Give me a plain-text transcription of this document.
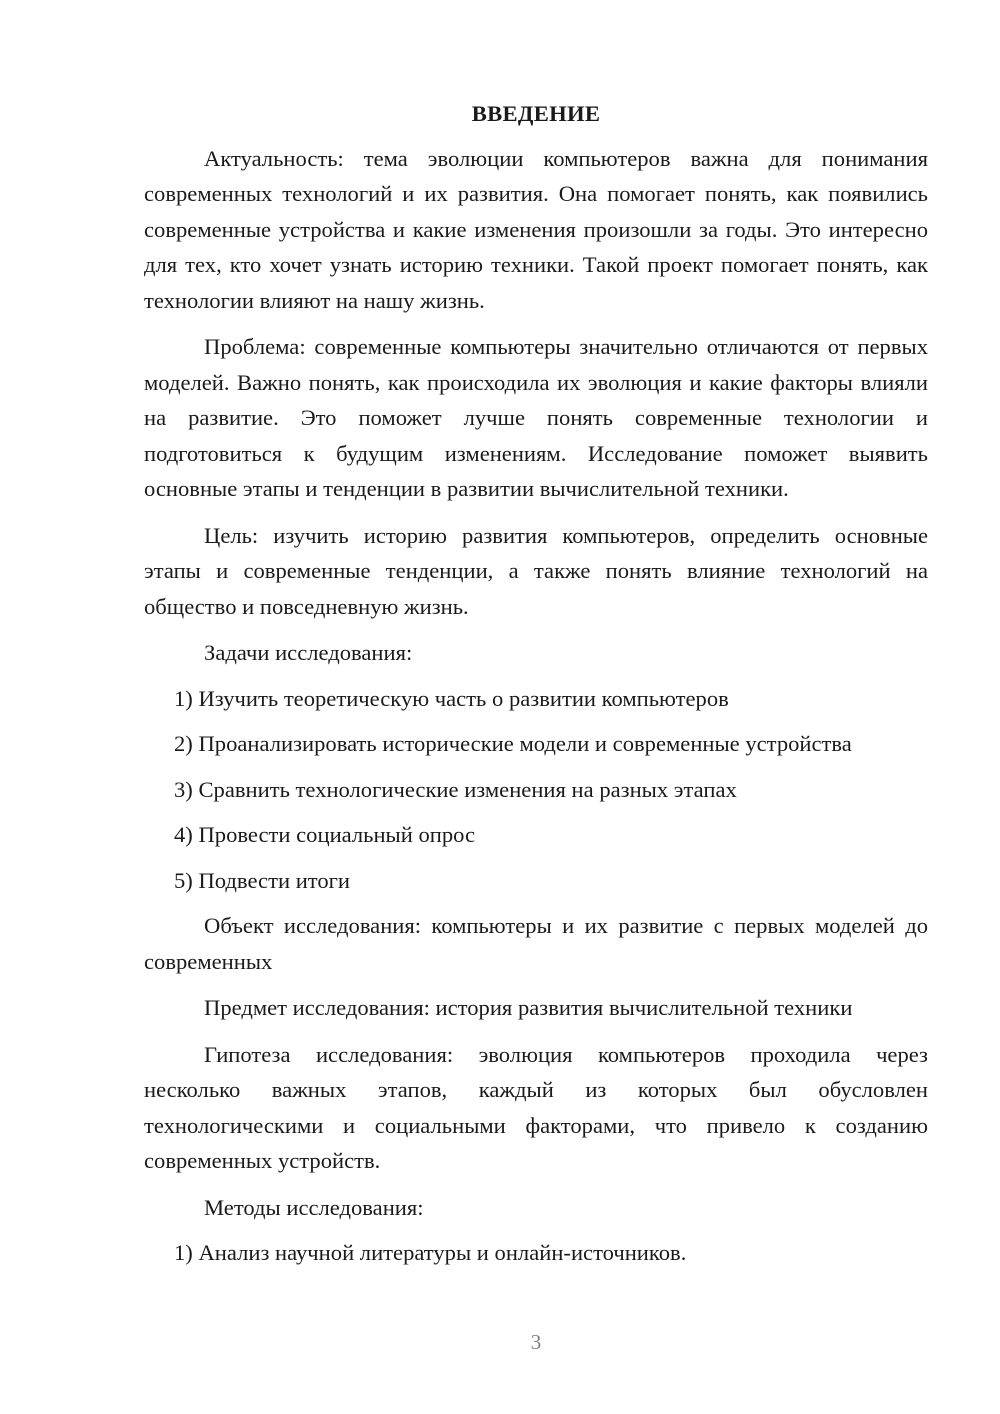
ВВЕДЕНИЕ

Актуальность: тема эволюции компьютеров важна для понимания современных технологий и их развития. Она помогает понять, как появились современные устройства и какие изменения произошли за годы. Это интересно для тех, кто хочет узнать историю техники. Такой проект помогает понять, как технологии влияют на нашу жизнь.

Проблема: современные компьютеры значительно отличаются от первых моделей. Важно понять, как происходила их эволюция и какие факторы влияли на развитие. Это поможет лучше понять современные технологии и подготовиться к будущим изменениям. Исследование поможет выявить основные этапы и тенденции в развитии вычислительной техники.

Цель: изучить историю развития компьютеров, определить основные этапы и современные тенденции, а также понять влияние технологий на общество и повседневную жизнь.

Задачи исследования:

1) Изучить теоретическую часть о развитии компьютеров
2) Проанализировать исторические модели и современные устройства
3) Сравнить технологические изменения на разных этапах
4) Провести социальный опрос
5) Подвести итоги

Объект исследования: компьютеры и их развитие с первых моделей до современных

Предмет исследования: история развития вычислительной техники

Гипотеза исследования: эволюция компьютеров проходила через несколько важных этапов, каждый из которых был обусловлен технологическими и социальными факторами, что привело к созданию современных устройств.

Методы исследования:

1) Анализ научной литературы и онлайн-источников.
3
